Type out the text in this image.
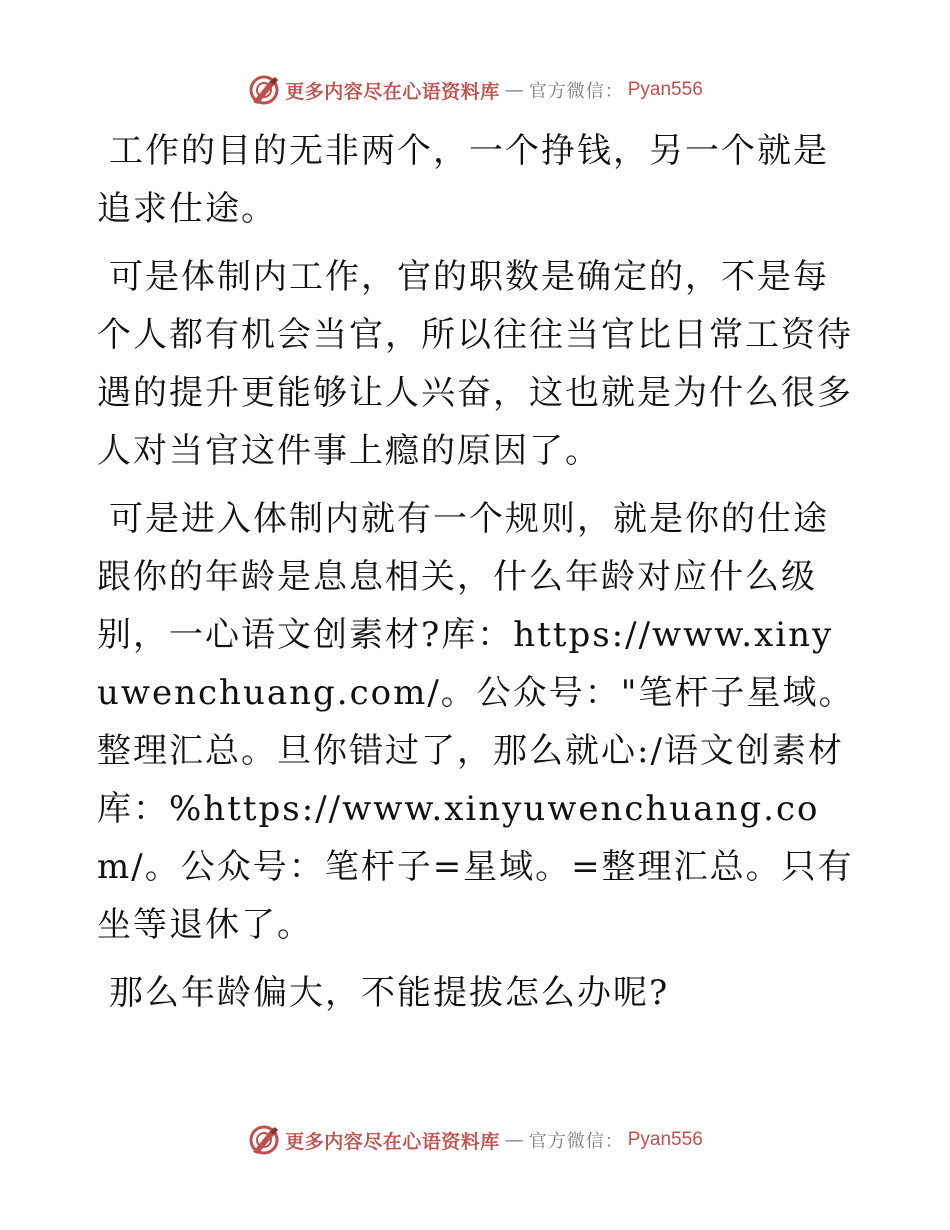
更多内容尽在心语资料库 — 官方微信： Pyan556

工作的目的无非两个，一个挣钱，另一个就是追求仕途。

可是体制内工作，官的职数是确定的，不是每个人都有机会当官，所以往往当官比日常工资待遇的提升更能够让人兴奋，这也就是为什么很多人对当官这件事上瘾的原因了。

可是进入体制内就有一个规则，就是你的仕途跟你的年龄是息息相关，什么年龄对应什么级别，一心语文创素材?库：https://www.xinyuwenchuang.com/。公众号："笔杆子星域。整理汇总。旦你错过了，那么就心:/语文创素材库：%https://www.xinyuwenchuang.com/。公众号：笔杆子=星域。=整理汇总。只有坐等退休了。

那么年龄偏大，不能提拔怎么办呢?

更多内容尽在心语资料库 — 官方微信： Pyan556
